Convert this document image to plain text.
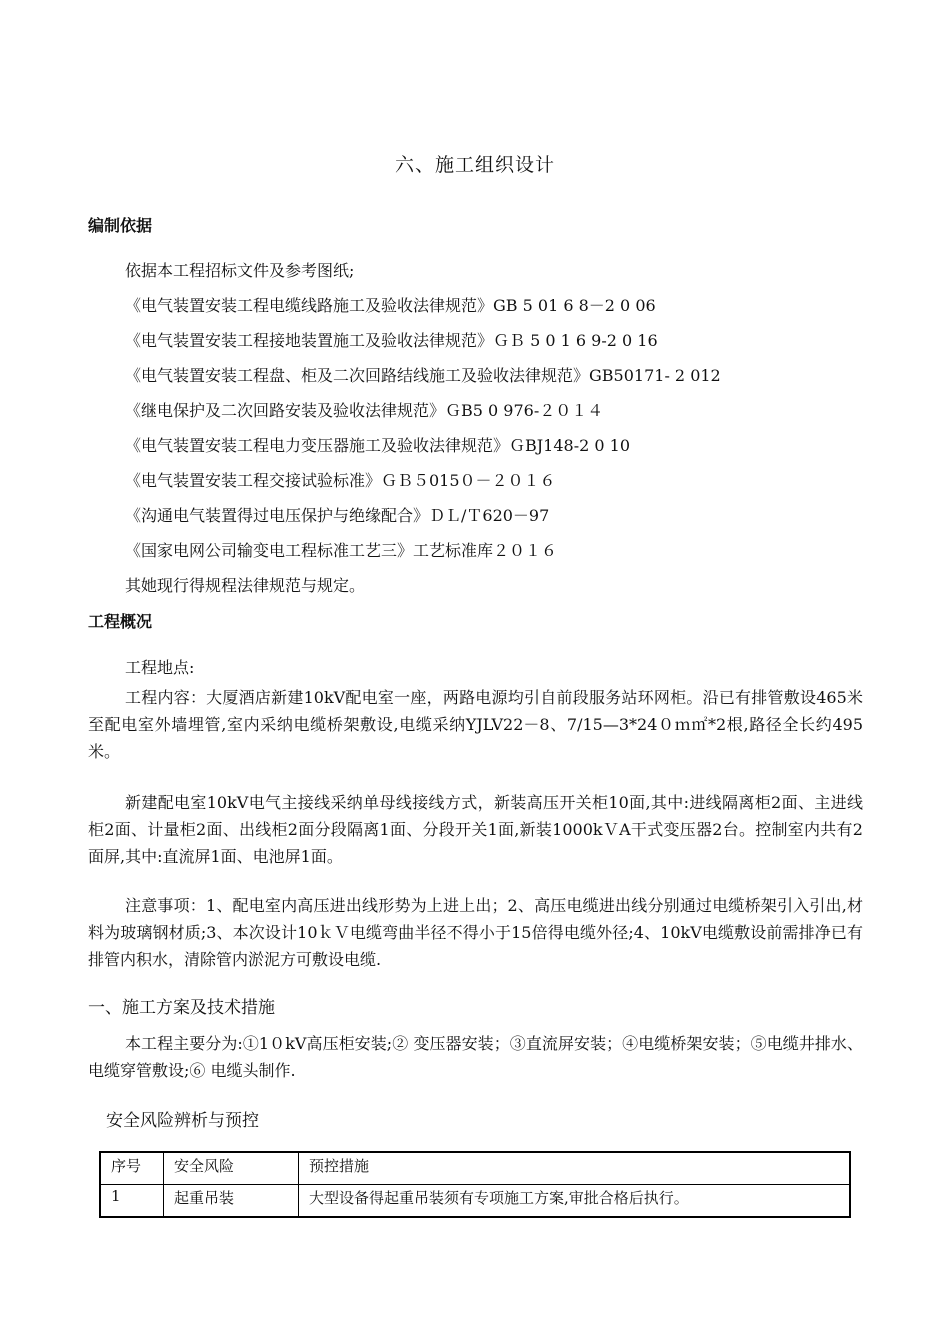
六、施工组织设计
编制依据
依据本工程招标文件及参考图纸;
《电气装置安装工程电缆线路施工及验收法律规范》GB 5 01 6 8－2 0 06
《电气装置安装工程接地装置施工及验收法律规范》ＧＢ 5 0 1 6 9-2 0 16
《电气装置安装工程盘、柜及二次回路结线施工及验收法律规范》GB50171- 2 012
《继电保护及二次回路安装及验收法律规范》ＧB5 0 976-２０１４
《电气装置安装工程电力变压器施工及验收法律规范》ＧBJ148-2 0 10
《电气装置安装工程交接试验标准》ＧＢ５015０－２０１６
《沟通电气装置得过电压保护与绝缘配合》ＤＬ/Ｔ620－97
《国家电网公司输变电工程标准工艺三》工艺标准库２０１６
其她现行得规程法律规范与规定。
工程概况
工程地点:
工程内容：大厦酒店新建10kV配电室一座，两路电源均引自前段服务站环网柜。沿已有排管敷设465米至配电室外墙埋管,室内采纳电缆桥架敷设,电缆采纳YJLV22－8、7/15—3*24０ｍ㎡*2根,路径全长约495米。
新建配电室10kV电气主接线采纳单母线接线方式，新装高压开关柜10面,其中:进线隔离柜2面、主进线柜2面、计量柜2面、出线柜2面分段隔离1面、分段开关1面,新装1000kＶA干式变压器2台。控制室内共有2面屏,其中:直流屏1面、电池屏1面。
注意事项：1、配电室内高压进出线形势为上进上出；2、高压电缆进出线分别通过电缆桥架引入引出,材料为玻璃钢材质;3、本次设计10ｋＶ电缆弯曲半径不得小于15倍得电缆外径;4、10kV电缆敷设前需排净已有排管内积水，清除管内淤泥方可敷设电缆.
一、施工方案及技术措施
本工程主要分为:①1０kV高压柜安装;② 变压器安装；③直流屏安装；④电缆桥架安装；⑤电缆井排水、电缆穿管敷设;⑥ 电缆头制作.
安全风险辨析与预控
序号	安全风险	预控措施
1	起重吊装	大型设备得起重吊装须有专项施工方案,审批合格后执行。
